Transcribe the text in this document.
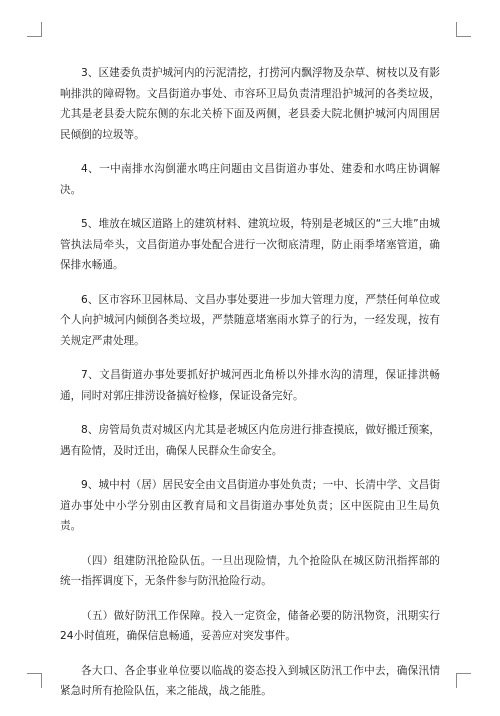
3、区建委负责护城河内的污泥清挖，打捞河内飘浮物及杂草、树枝以及有影响排洪的障碍物。文昌街道办事处、市容环卫局负责清理沿护城河的各类垃圾，尤其是老县委大院东侧的东北关桥下面及两侧，老县委大院北侧护城河内周围居民倾倒的垃圾等。

4、一中南排水沟倒灌水鸣庄问题由文昌街道办事处、建委和水鸣庄协调解决。

5、堆放在城区道路上的建筑材料、建筑垃圾，特别是老城区的“三大堆”由城管执法局牵头，文昌街道办事处配合进行一次彻底清理，防止雨季堵塞管道，确保排水畅通。

6、区市容环卫园林局、文昌办事处要进一步加大管理力度，严禁任何单位或个人向护城河内倾倒各类垃圾，严禁随意堵塞雨水算子的行为，一经发现，按有关规定严肃处理。

7、文昌街道办事处要抓好护城河西北角桥以外排水沟的清理，保证排洪畅通，同时对郭庄排涝设备搞好检修，保证设备完好。

8、房管局负责对城区内尤其是老城区内危房进行排查摸底，做好搬迁预案，遇有险情，及时迁出，确保人民群众生命安全。

9、城中村（居）居民安全由文昌街道办事处负责；一中、长清中学、文昌街道办事处中小学分别由区教育局和文昌街道办事处负责；区中医院由卫生局负责。

（四）组建防汛抢险队伍。一旦出现险情，九个抢险队在城区防汛指挥部的统一指挥调度下，无条件参与防汛抢险行动。

（五）做好防汛工作保障。投入一定资金，储备必要的防汛物资，汛期实行24小时值班，确保信息畅通，妥善应对突发事件。

各大口、各企事业单位要以临战的姿态投入到城区防汛工作中去，确保汛情紧急时所有抢险队伍，来之能战，战之能胜。
